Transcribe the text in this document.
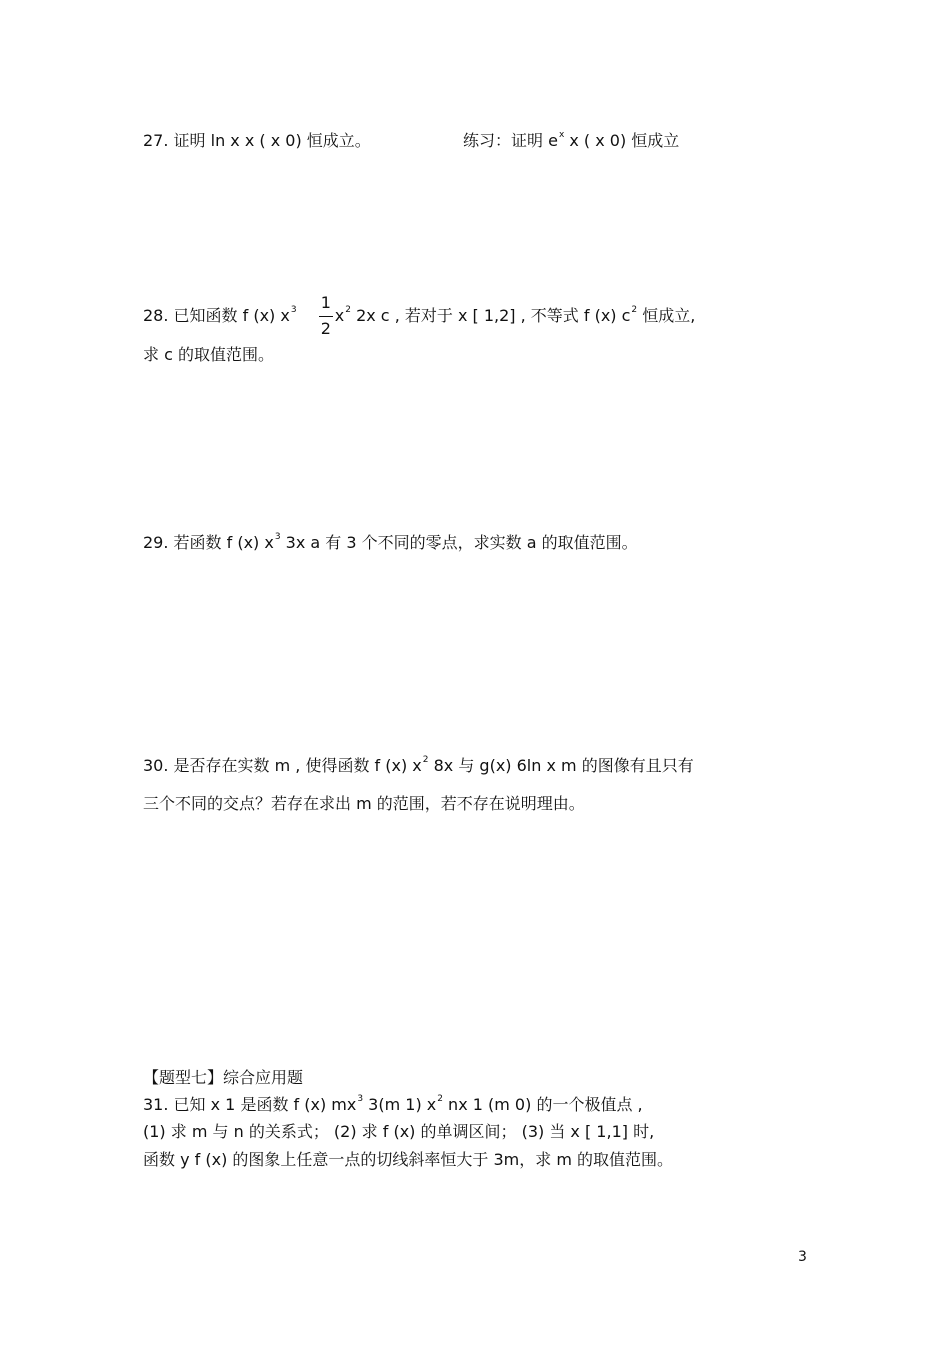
27. 证明 ln x x ( x 0) 恒成立。	练习：证明 $e^x$ x ( x 0) 恒成立
28. 已知函数 f (x) $x^3 \frac{1}{2} x^2$ 2x c , 若对于 x [ 1,2] , 不等式 f (x) $c^2$ 恒成立,
求 c 的取值范围。
29. 若函数 f (x) $x^3$ 3x a 有 3 个不同的零点，求实数 a 的取值范围。
30. 是否存在实数 m , 使得函数 f (x) $x^2$ 8x 与 g(x) 6ln x m 的图像有且只有
三个不同的交点？若存在求出 m 的范围，若不存在说明理由。
【题型七】综合应用题
31. 已知 x 1 是函数 f (x) $mx^3$ 3(m 1) $x^2$ nx 1 (m 0) 的一个极值点 ,
(1) 求 m 与 n 的关系式； (2) 求 f (x) 的单调区间； (3) 当 x [ 1,1] 时,
函数 y f (x) 的图象上任意一点的切线斜率恒大于 3m，求 m 的取值范围。
3
